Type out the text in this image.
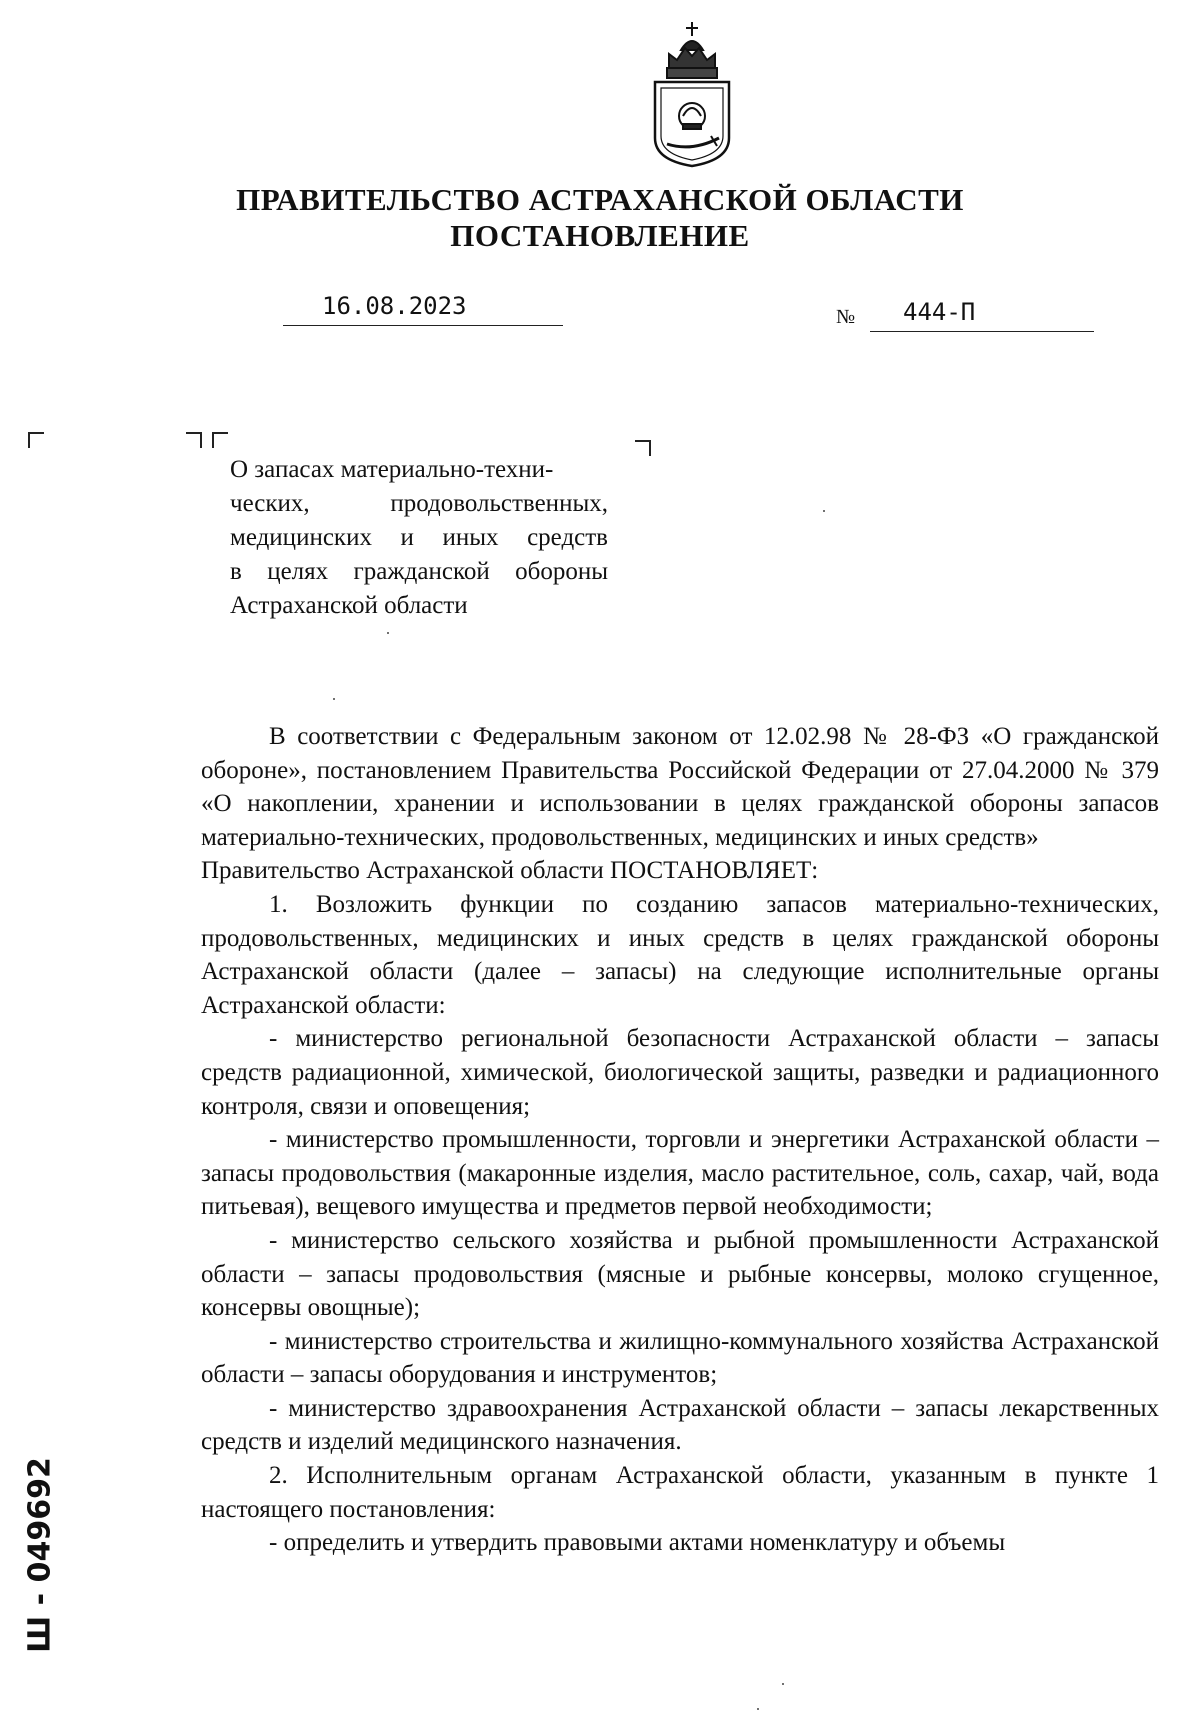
ПРАВИТЕЛЬСТВО АСТРАХАНСКОЙ ОБЛАСТИ
ПОСТАНОВЛЕНИЕ
16.08.2023	№ 444-П

О запасах материально-техни-

ческих, продовольственных,

медицинских и иных средств

в целях гражданской обороны

Астраханской области

В соответствии с Федеральным законом от 12.02.98 № 28-ФЗ «О гражданской обороне», постановлением Правительства Российской Федерации от 27.04.2000 № 379 «О накоплении, хранении и использовании в целях гражданской обороны запасов материально-технических, продовольственных, медицинских и иных средств»

Правительство Астраханской области ПОСТАНОВЛЯЕТ:

1. Возложить функции по созданию запасов материально-технических, продовольственных, медицинских и иных средств в целях гражданской обороны Астраханской области (далее – запасы) на следующие исполнительные органы Астраханской области:

- министерство региональной безопасности Астраханской области – запасы средств радиационной, химической, биологической защиты, разведки и радиационного контроля, связи и оповещения;

- министерство промышленности, торговли и энергетики Астраханской области – запасы продовольствия (макаронные изделия, масло растительное, соль, сахар, чай, вода питьевая), вещевого имущества и предметов первой необходимости;

- министерство сельского хозяйства и рыбной промышленности Астраханской области – запасы продовольствия (мясные и рыбные консервы, молоко сгущенное, консервы овощные);

- министерство строительства и жилищно-коммунального хозяйства Астраханской области – запасы оборудования и инструментов;

- министерство здравоохранения Астраханской области – запасы лекарственных средств и изделий медицинского назначения.

2. Исполнительным органам Астраханской области, указанным в пункте 1 настоящего постановления:

- определить и утвердить правовыми актами номенклатуру и объемы

Ш - 049692
